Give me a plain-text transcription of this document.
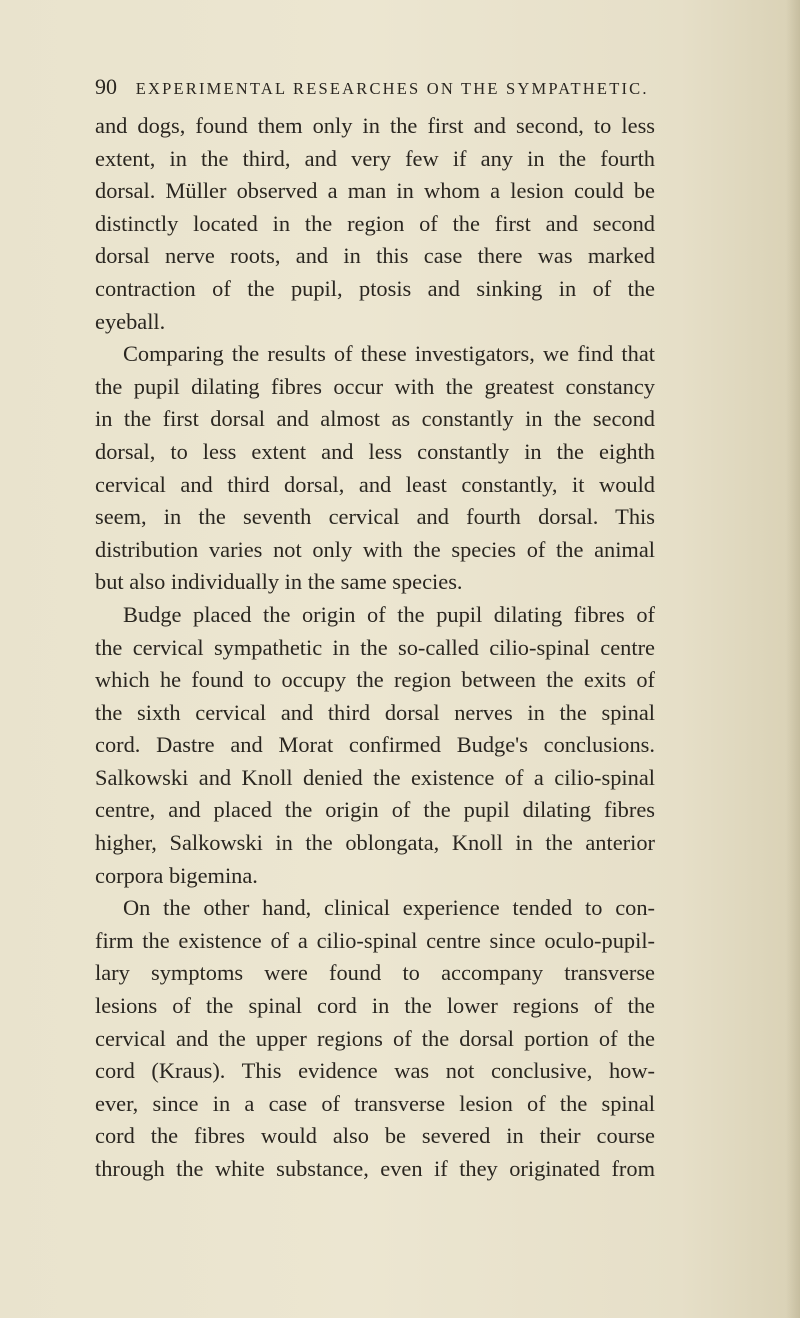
90 EXPERIMENTAL RESEARCHES ON THE SYMPATHETIC.

and dogs, found them only in the first and second, to less
extent, in the third, and very few if any in the fourth
dorsal. Müller observed a man in whom a lesion could be
distinctly located in the region of the first and second
dorsal nerve roots, and in this case there was marked
contraction of the pupil, ptosis and sinking in of the
eyeball.

Comparing the results of these investigators, we find that
the pupil dilating fibres occur with the greatest constancy
in the first dorsal and almost as constantly in the second
dorsal, to less extent and less constantly in the eighth
cervical and third dorsal, and least constantly, it would
seem, in the seventh cervical and fourth dorsal. This
distribution varies not only with the species of the animal
but also individually in the same species.

Budge placed the origin of the pupil dilating fibres of
the cervical sympathetic in the so-called cilio-spinal centre
which he found to occupy the region between the exits of
the sixth cervical and third dorsal nerves in the spinal
cord. Dastre and Morat confirmed Budge's conclusions.
Salkowski and Knoll denied the existence of a cilio-spinal
centre, and placed the origin of the pupil dilating fibres
higher, Salkowski in the oblongata, Knoll in the anterior
corpora bigemina.

On the other hand, clinical experience tended to con-
firm the existence of a cilio-spinal centre since oculo-pupil-
lary symptoms were found to accompany transverse
lesions of the spinal cord in the lower regions of the
cervical and the upper regions of the dorsal portion of the
cord (Kraus). This evidence was not conclusive, how-
ever, since in a case of transverse lesion of the spinal
cord the fibres would also be severed in their course
through the white substance, even if they originated from
